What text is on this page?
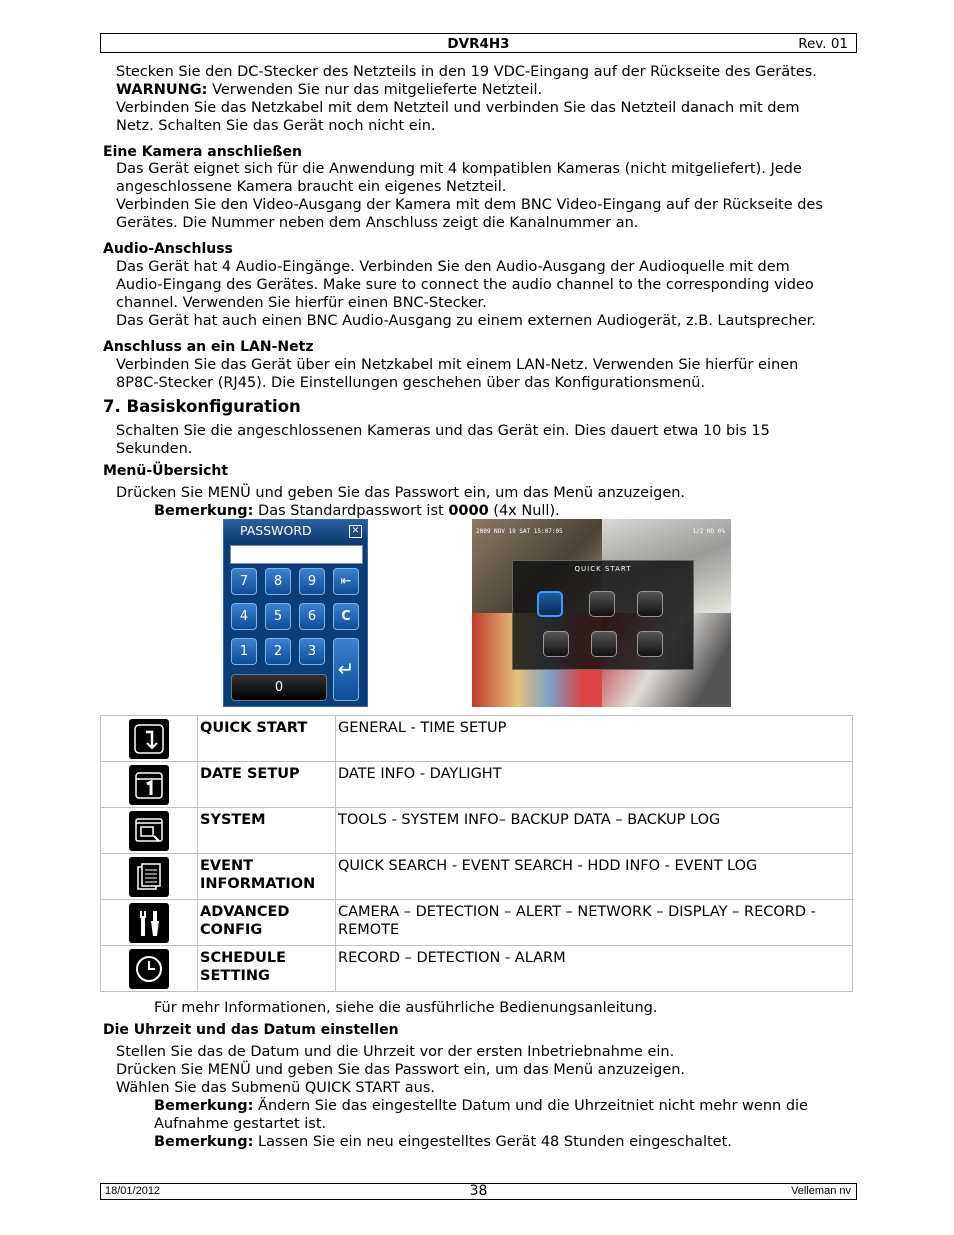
DVR4H3	Rev. 01
Stecken Sie den DC-Stecker des Netzteils in den 19 VDC-Eingang auf der Rückseite des Gerätes.
WARNUNG: Verwenden Sie nur das mitgelieferte Netzteil.
Verbinden Sie das Netzkabel mit dem Netzteil und verbinden Sie das Netzteil danach mit dem
Netz. Schalten Sie das Gerät noch nicht ein.
Eine Kamera anschließen
Das Gerät eignet sich für die Anwendung mit 4 kompatiblen Kameras (nicht mitgeliefert). Jede
angeschlossene Kamera braucht ein eigenes Netzteil.
Verbinden Sie den Video-Ausgang der Kamera mit dem BNC Video-Eingang auf der Rückseite des
Gerätes. Die Nummer neben dem Anschluss zeigt die Kanalnummer an.
Audio-Anschluss
Das Gerät hat 4 Audio-Eingänge. Verbinden Sie den Audio-Ausgang der Audioquelle mit dem
Audio-Eingang des Gerätes. Make sure to connect the audio channel to the corresponding video
channel. Verwenden Sie hierfür einen BNC-Stecker.
Das Gerät hat auch einen BNC Audio-Ausgang zu einem externen Audiogerät, z.B. Lautsprecher.
Anschluss an ein LAN-Netz
Verbinden Sie das Gerät über ein Netzkabel mit einem LAN-Netz. Verwenden Sie hierfür einen
8P8C-Stecker (RJ45). Die Einstellungen geschehen über das Konfigurationsmenü.
7. Basiskonfiguration
Schalten Sie die angeschlossenen Kameras und das Gerät ein. Dies dauert etwa 10 bis 15
Sekunden.
Menü-Übersicht
Drücken Sie MENÜ und geben Sie das Passwort ein, um das Menü anzuzeigen.
Bemerkung: Das Standardpasswort ist 0000 (4x Null).
PASSWORD	✕
7	8	9	⇤
4	5	6	C
1	2	3
↵
0
2009 NOV 19 SAT 15:07:05	1/2 HD 0%
QUICK START
	QUICK START	GENERAL - TIME SETUP

	DATE SETUP	DATE INFO - DAYLIGHT

	SYSTEM	TOOLS - SYSTEM INFO– BACKUP DATA – BACKUP LOG

	EVENT INFORMATION	QUICK SEARCH - EVENT SEARCH - HDD INFO - EVENT LOG

	ADVANCED CONFIG	CAMERA – DETECTION – ALERT – NETWORK – DISPLAY – RECORD - REMOTE

	SCHEDULE SETTING	RECORD – DETECTION - ALARM
Für mehr Informationen, siehe die ausführliche Bedienungsanleitung.
Die Uhrzeit und das Datum einstellen
Stellen Sie das de Datum und die Uhrzeit vor der ersten Inbetriebnahme ein.
Drücken Sie MENÜ und geben Sie das Passwort ein, um das Menü anzuzeigen.
Wählen Sie das Submenü QUICK START aus.
Bemerkung: Ändern Sie das eingestellte Datum und die Uhrzeitniet nicht mehr wenn die
Aufnahme gestartet ist.
Bemerkung: Lassen Sie ein neu eingestelltes Gerät 48 Stunden eingeschaltet.
18/01/2012	38	Velleman nv
